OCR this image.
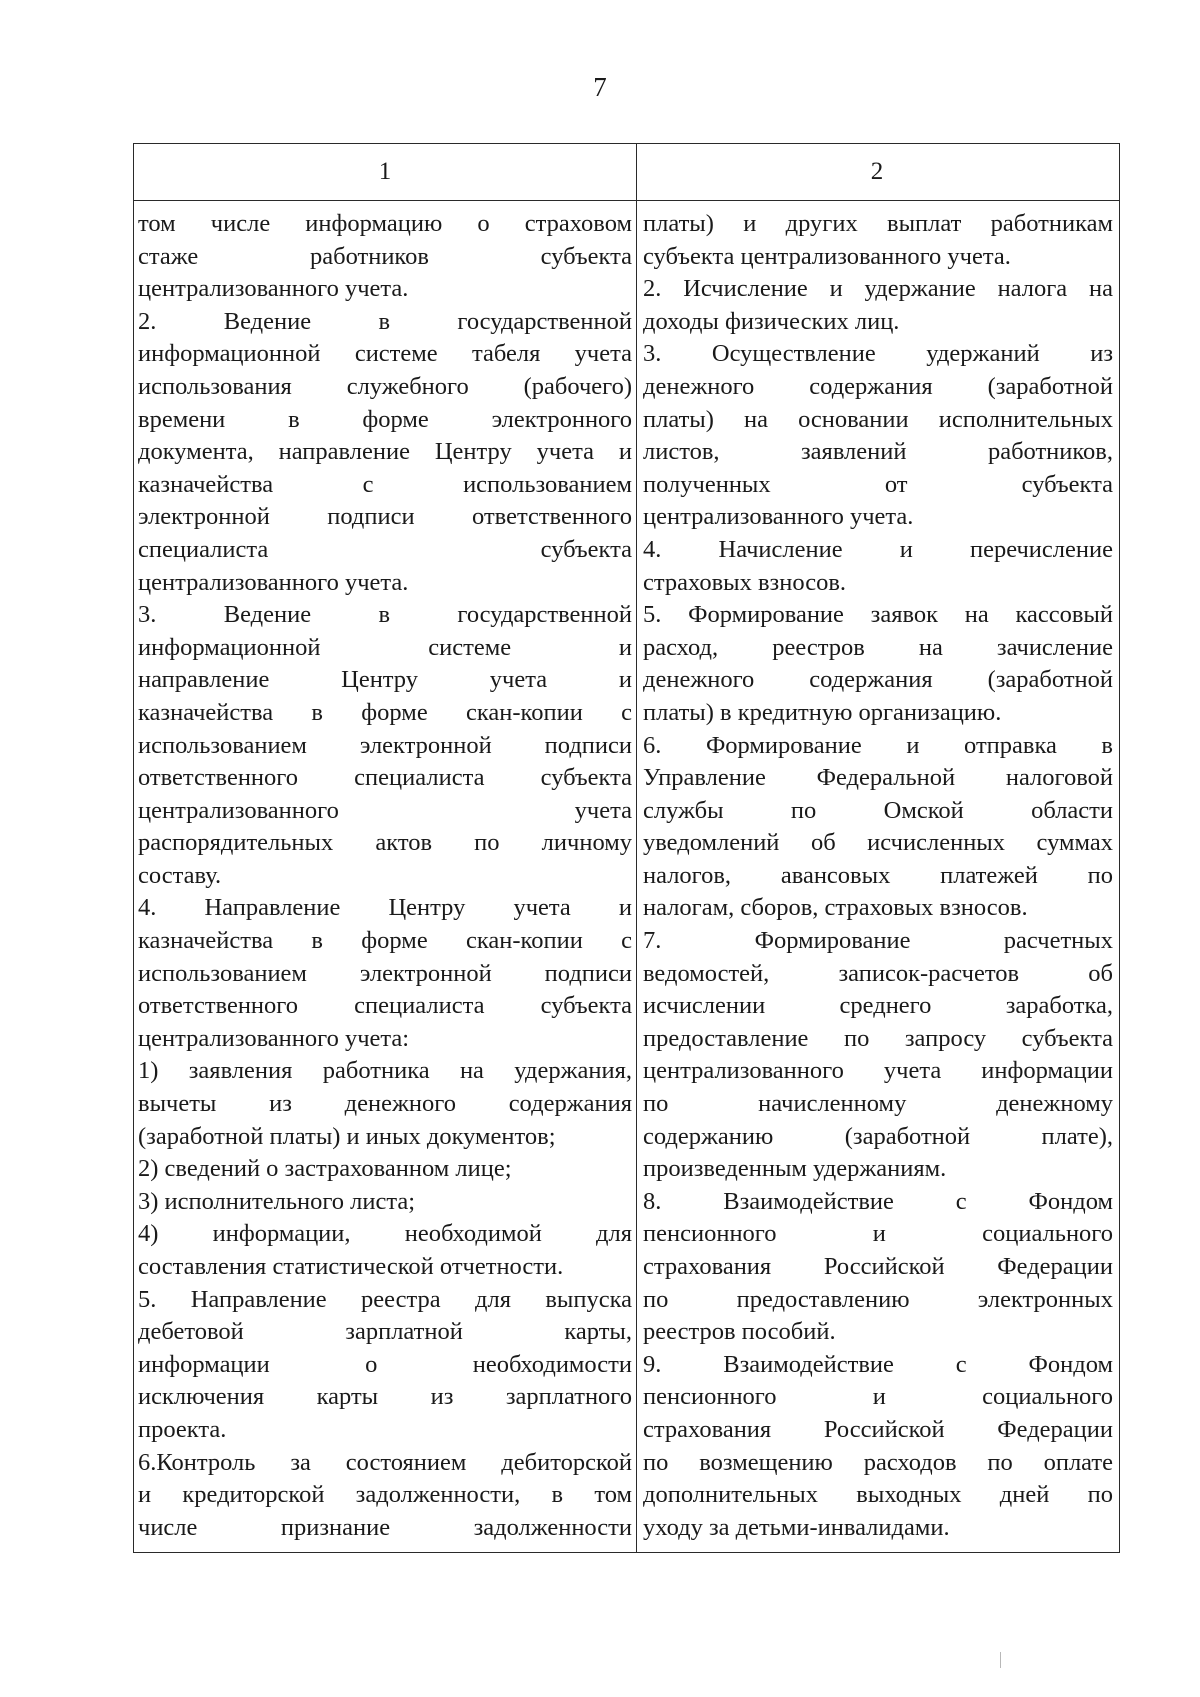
7
1	2
том числе информацию о страховом
стаже работников субъекта
централизованного учета.
2. Ведение в государственной
информационной системе табеля учета
использования служебного (рабочего)
времени в форме электронного
документа, направление Центру учета и
казначейства с использованием
электронной подписи ответственного
специалиста субъекта
централизованного учета.
3. Ведение в государственной
информационной системе и
направление Центру учета и
казначейства в форме скан-копии с
использованием электронной подписи
ответственного специалиста субъекта
централизованного учета
распорядительных актов по личному
составу.
4. Направление Центру учета и
казначейства в форме скан-копии с
использованием электронной подписи
ответственного специалиста субъекта
централизованного учета:
1) заявления работника на удержания,
вычеты из денежного содержания
(заработной платы) и иных документов;
2) сведений о застрахованном лице;
3) исполнительного листа;
4) информации, необходимой для
составления статистической отчетности.
5. Направление реестра для выпуска
дебетовой зарплатной карты,
информации о необходимости
исключения карты из зарплатного
проекта.
6.Контроль за состоянием дебиторской
и кредиторской задолженности, в том
числе признание задолженности
платы) и других выплат работникам
субъекта централизованного учета.
2. Исчисление и удержание налога на
доходы физических лиц.
3. Осуществление удержаний из
денежного содержания (заработной
платы) на основании исполнительных
листов, заявлений работников,
полученных от субъекта
централизованного учета.
4. Начисление и перечисление
страховых взносов.
5. Формирование заявок на кассовый
расход, реестров на зачисление
денежного содержания (заработной
платы) в кредитную организацию.
6. Формирование и отправка в
Управление Федеральной налоговой
службы по Омской области
уведомлений об исчисленных суммах
налогов, авансовых платежей по
налогам, сборов, страховых взносов.
7. Формирование расчетных
ведомостей, записок-расчетов об
исчислении среднего заработка,
предоставление по запросу субъекта
централизованного учета информации
по начисленному денежному
содержанию (заработной плате),
произведенным удержаниям.
8. Взаимодействие с Фондом
пенсионного и социального
страхования Российской Федерации
по предоставлению электронных
реестров пособий.
9. Взаимодействие с Фондом
пенсионного и социального
страхования Российской Федерации
по возмещению расходов по оплате
дополнительных выходных дней по
уходу за детьми-инвалидами.
